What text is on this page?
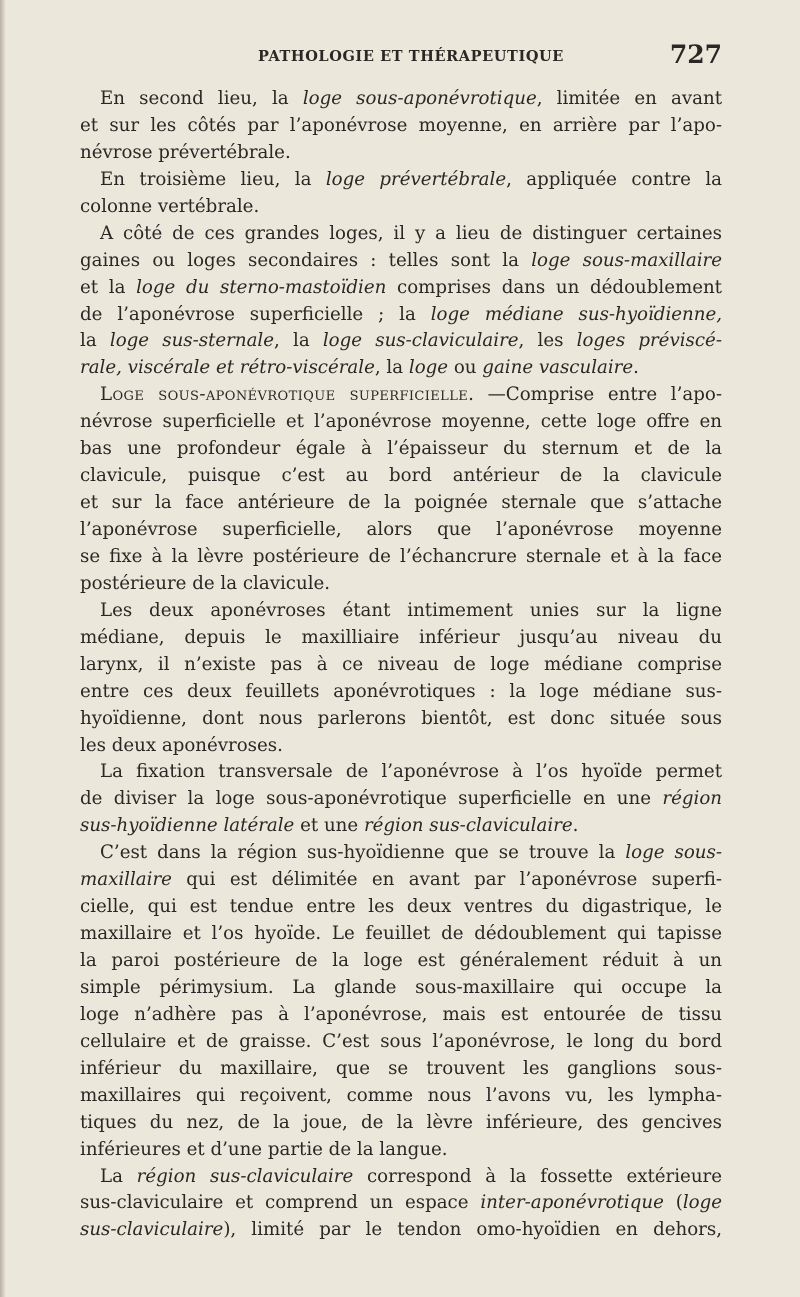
PATHOLOGIE ET THÉRAPEUTIQUE	727
En second lieu, la loge sous-aponévrotique, limitée en avant
et sur les côtés par l’aponévrose moyenne, en arrière par l’apo-
névrose prévertébrale.
En troisième lieu, la loge prévertébrale, appliquée contre la
colonne vertébrale.
A côté de ces grandes loges, il y a lieu de distinguer certaines
gaines ou loges secondaires : telles sont la loge sous-maxillaire
et la loge du sterno-mastoïdien comprises dans un dédoublement
de l’aponévrose superficielle ; la loge médiane sus-hyoïdienne,
la loge sus-sternale, la loge sus-claviculaire, les loges préviscé-
rale, viscérale et rétro-viscérale, la loge ou gaine vasculaire.
Loge sous-aponévrotique superficielle. —Comprise entre l’apo-
névrose superficielle et l’aponévrose moyenne, cette loge offre en
bas une profondeur égale à l’épaisseur du sternum et de la
clavicule, puisque c’est au bord antérieur de la clavicule
et sur la face antérieure de la poignée sternale que s’attache
l’aponévrose superficielle, alors que l’aponévrose moyenne
se fixe à la lèvre postérieure de l’échancrure sternale et à la face
postérieure de la clavicule.
Les deux aponévroses étant intimement unies sur la ligne
médiane, depuis le maxilliaire inférieur jusqu’au niveau du
larynx, il n’existe pas à ce niveau de loge médiane comprise
entre ces deux feuillets aponévrotiques : la loge médiane sus-
hyoïdienne, dont nous parlerons bientôt, est donc située sous
les deux aponévroses.
La fixation transversale de l’aponévrose à l’os hyoïde permet
de diviser la loge sous-aponévrotique superficielle en une région
sus-hyoïdienne latérale et une région sus-claviculaire.
C’est dans la région sus-hyoïdienne que se trouve la loge sous-
maxillaire qui est délimitée en avant par l’aponévrose superfi-
cielle, qui est tendue entre les deux ventres du digastrique, le
maxillaire et l’os hyoïde. Le feuillet de dédoublement qui tapisse
la paroi postérieure de la loge est généralement réduit à un
simple périmysium. La glande sous-maxillaire qui occupe la
loge n’adhère pas à l’aponévrose, mais est entourée de tissu
cellulaire et de graisse. C’est sous l’aponévrose, le long du bord
inférieur du maxillaire, que se trouvent les ganglions sous-
maxillaires qui reçoivent, comme nous l’avons vu, les lympha-
tiques du nez, de la joue, de la lèvre inférieure, des gencives
inférieures et d’une partie de la langue.
La région sus-claviculaire correspond à la fossette extérieure
sus-claviculaire et comprend un espace inter-aponévrotique (loge
sus-claviculaire), limité par le tendon omo-hyoïdien en dehors,
